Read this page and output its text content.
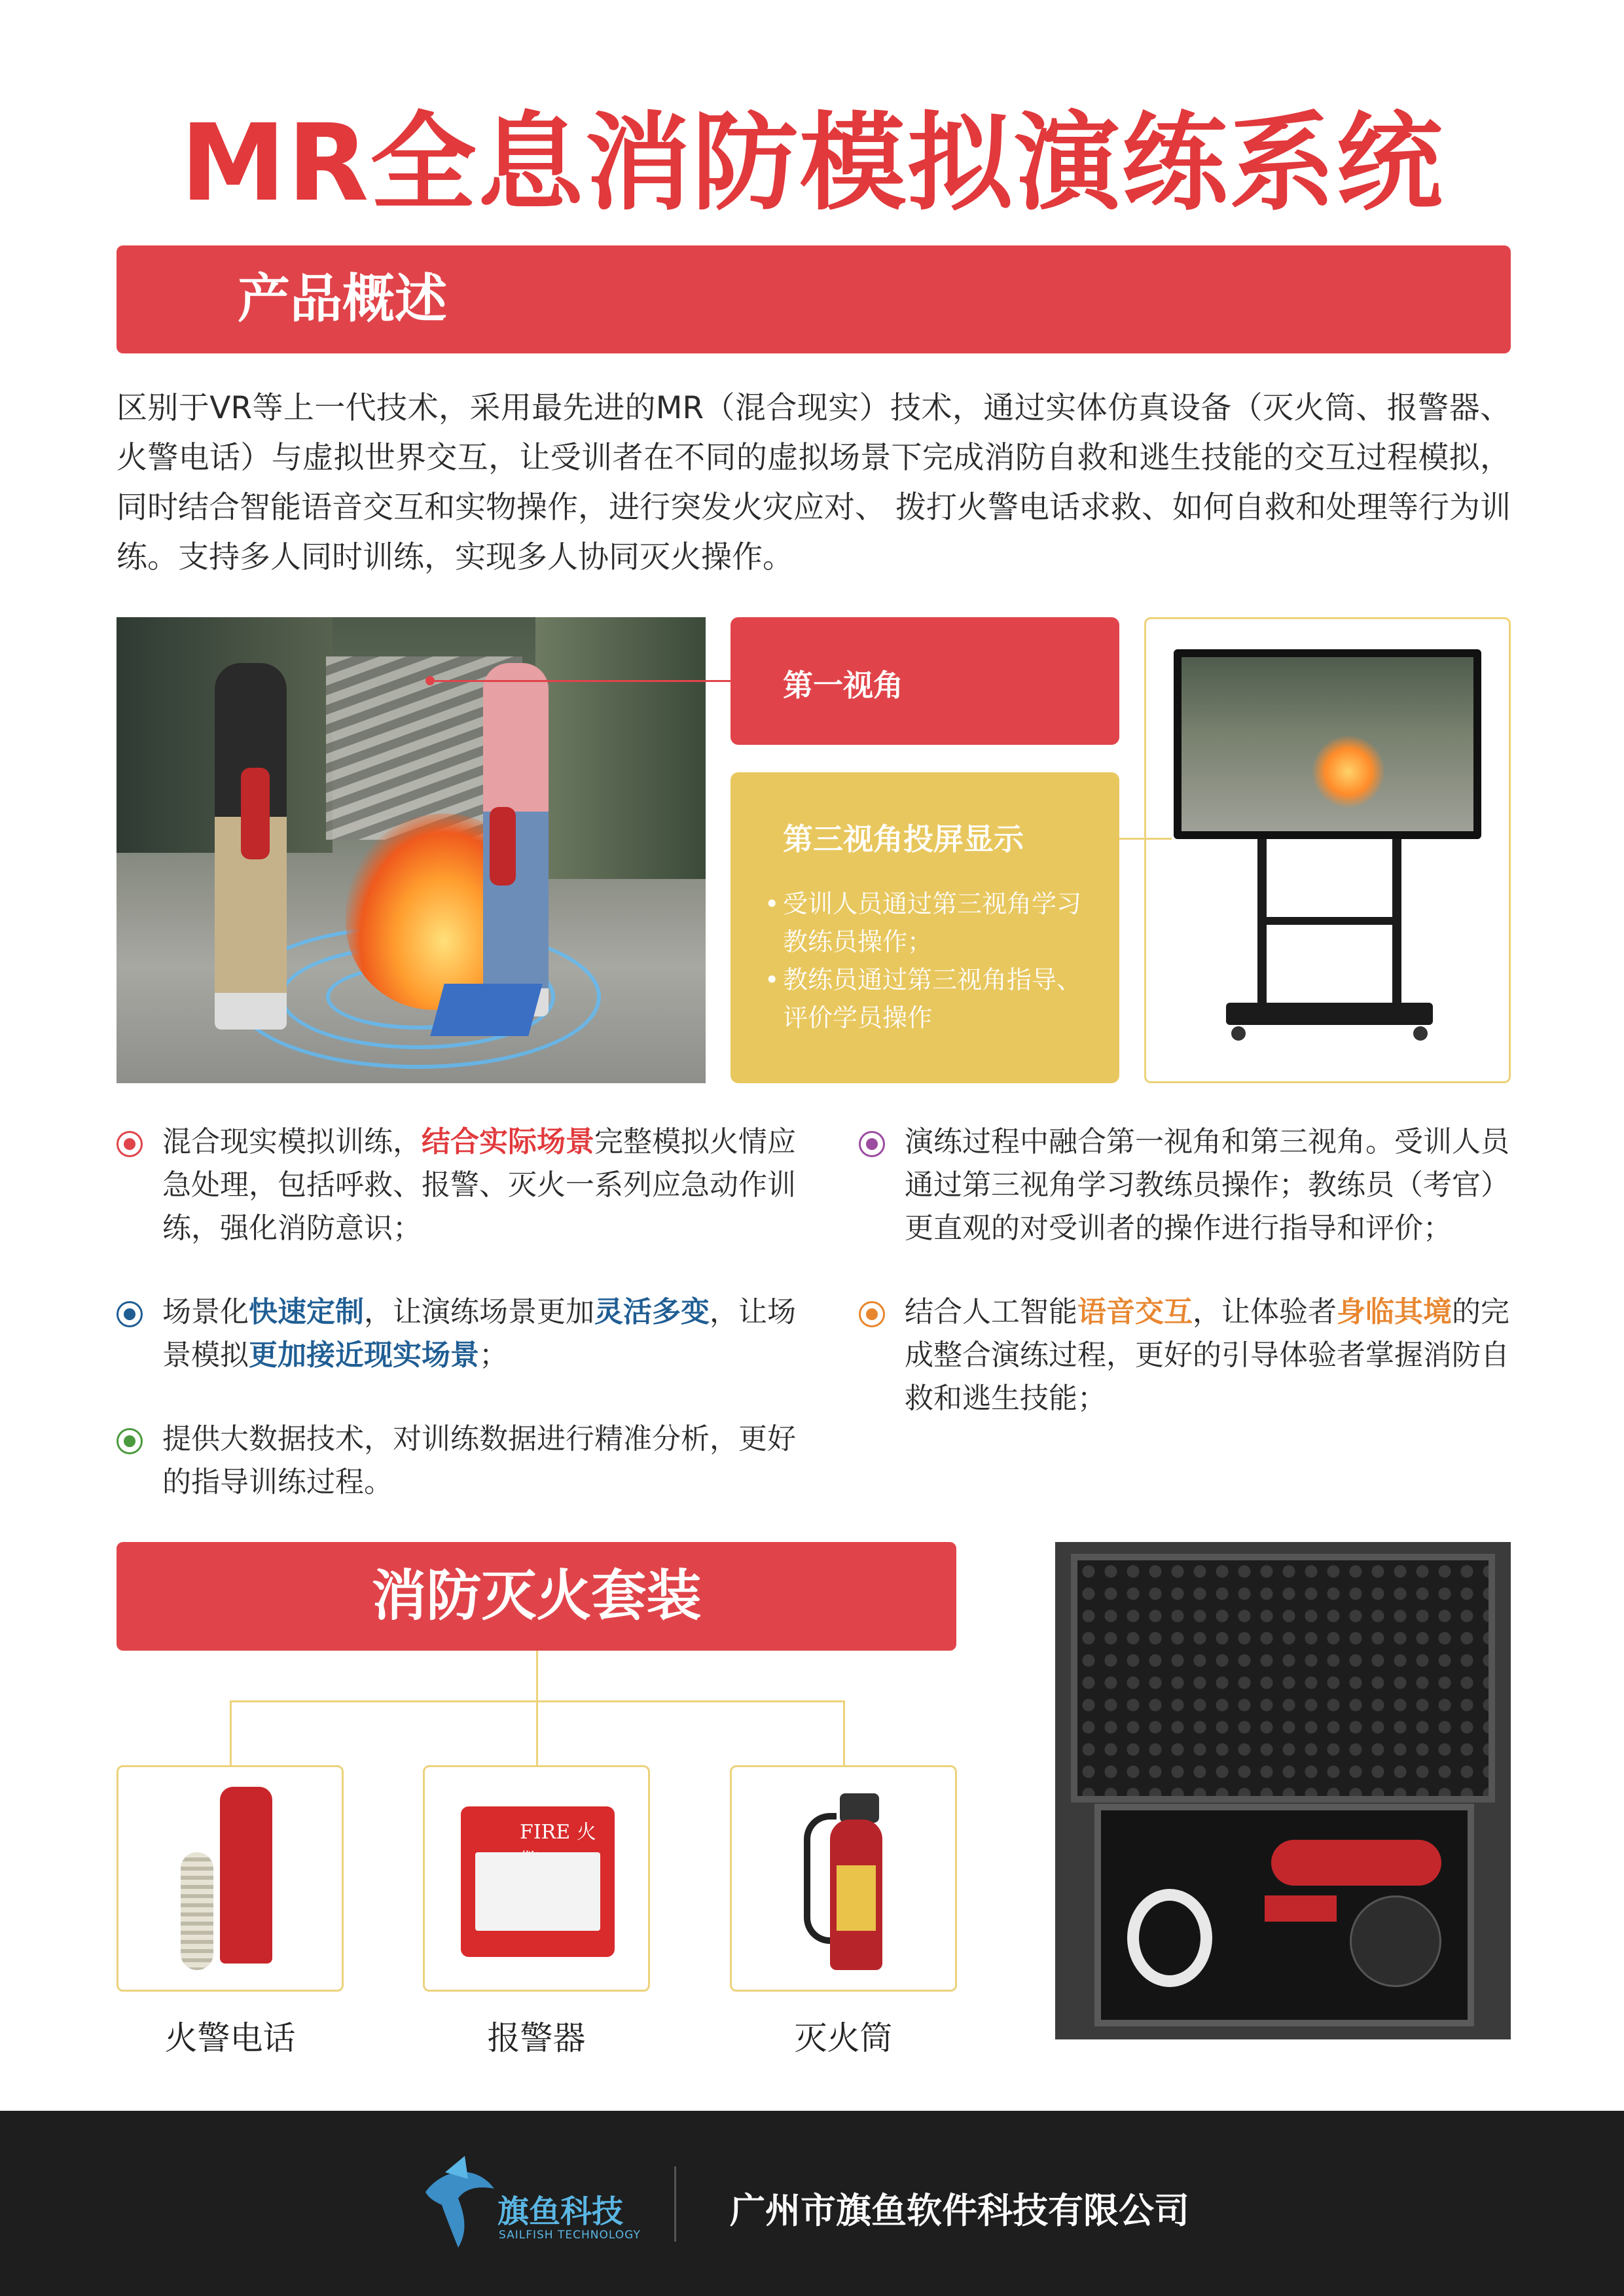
MR全息消防模拟演练系统
产品概述
区别于VR等上一代技术，采用最先进的MR（混合现实）技术，通过实体仿真设备（灭火筒、报警器、火警电话）与虚拟世界交互，让受训者在不同的虚拟场景下完成消防自救和逃生技能的交互过程模拟，同时结合智能语音交互和实物操作，进行突发火灾应对、 拨打火警电话求救、如何自救和处理等行为训练。支持多人同时训练，实现多人协同灭火操作。
第一视角
第三视角投屏显示
• 受训人员通过第三视角学习教练员操作；
• 教练员通过第三视角指导、评价学员操作
混合现实模拟训练，结合实际场景完整模拟火情应急处理，包括呼救、报警、灭火一系列应急动作训练，强化消防意识；
场景化快速定制，让演练场景更加灵活多变，让场景模拟更加接近现实场景；
提供大数据技术，对训练数据进行精准分析，更好的指导训练过程。
演练过程中融合第一视角和第三视角。受训人员通过第三视角学习教练员操作；教练员（考官）更直观的对受训者的操作进行指导和评价；
结合人工智能语音交互，让体验者身临其境的完成整合演练过程，更好的引导体验者掌握消防自救和逃生技能；
消防灭火套装
FIRE 火
火警电话	报警器	灭火筒
旗鱼科技
SAILFISH TECHNOLOGY
广州市旗鱼软件科技有限公司
